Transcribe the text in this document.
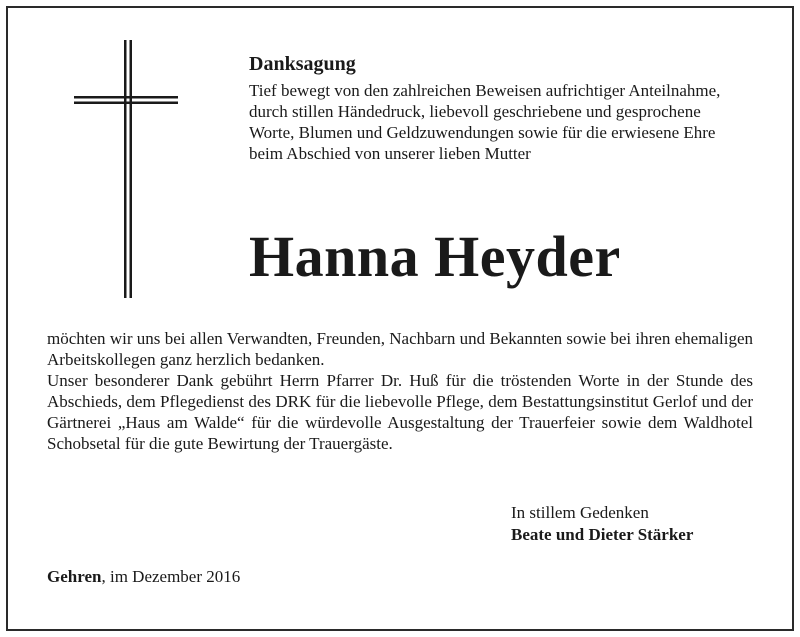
Danksagung

Tief bewegt von den zahlreichen Beweisen aufrichtiger Anteilnahme, durch stillen Händedruck, liebevoll geschriebene und gesprochene Worte, Blumen und Geldzuwendungen sowie für die erwiesene Ehre beim Abschied von unserer lieben Mutter

Hanna Heyder

möchten wir uns bei allen Verwandten, Freunden, Nachbarn und Bekannten sowie bei ihren ehemaligen Arbeitskollegen ganz herzlich bedanken.

Unser besonderer Dank gebührt Herrn Pfarrer Dr. Huß für die tröstenden Worte in der Stunde des Abschieds, dem Pflegedienst des DRK für die liebevolle Pflege, dem Bestattungsinstitut Gerlof und der Gärtnerei „Haus am Walde“ für die würdevolle Ausgestaltung der Trauerfeier sowie dem Waldhotel Schobsetal für die gute Bewirtung der Trauergäste.

In stillem Gedenken
Beate und Dieter Stärker
Gehren, im Dezember 2016
